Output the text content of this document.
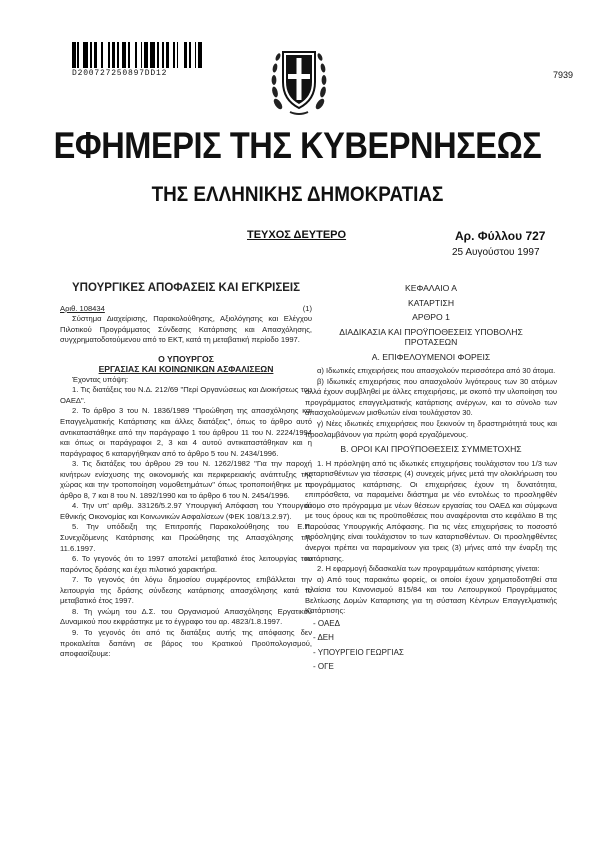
D200727250897DD12	7939
ΕΦΗΜΕΡΙΣ ΤΗΣ ΚΥΒΕΡΝΗΣΕΩΣ
ΤΗΣ ΕΛΛΗΝΙΚΗΣ ΔΗΜΟΚΡΑΤΙΑΣ
ΤΕΥΧΟΣ ΔΕΥΤΕΡΟ	Αρ. Φύλλου 727
25 Αυγούστου 1997
ΥΠΟΥΡΓΙΚΕΣ ΑΠΟΦΑΣΕΙΣ ΚΑΙ ΕΓΚΡΙΣΕΙΣ
Αριθ. 108434	(1)

Σύστημα Διαχείρισης, Παρακολούθησης, Αξιολόγησης και Ελέγχου Πιλοτικού Προγράμματος Σύνδεσης Κατάρτισης και Απασχόλησης, συγχρηματοδοτούμενου από το ΕΚΤ, κατά τη μεταβατική περίοδο 1997.

Ο ΥΠΟΥΡΓΟΣ

ΕΡΓΑΣΙΑΣ ΚΑΙ ΚΟΙΝΩΝΙΚΩΝ ΑΣΦΑΛΙΣΕΩΝ

Έχοντας υπόψη:

1. Τις διατάξεις του Ν.Δ. 212/69 "Περί Οργανώσεως και Διοικήσεως του ΟΑΕΔ".

2. Το άρθρο 3 του Ν. 1836/1989 "Προώθηση της απασχόλησης και Επαγγελματικής Κατάρτισης και άλλες διατάξεις", όπως το άρθρο αυτό αντικαταστάθηκε από την παράγραφο 1 του άρθρου 11 του Ν. 2224/1994 και όπως οι παράγραφοι 2, 3 και 4 αυτού αντικαταστάθηκαν και η παράγραφος 6 καταργήθηκαν από το άρθρο 5 του Ν. 2434/1996.

3. Τις διατάξεις του άρθρου 29 του Ν. 1262/1982 "Για την παροχή κινήτρων ενίσχυσης της οικονομικής και περιφερειακής ανάπτυξης της χώρας και την τροποποίηση νομοθετημάτων" όπως τροποποιήθηκε με το άρθρο 8, 7 και 8 του Ν. 1892/1990 και το άρθρο 6 του Ν. 2454/1996.

4. Την υπ' αριθμ. 33126/5.2.97 Υπουργική Απόφαση του Υπουργού Εθνικής Οικονομίας και Κοινωνικών Ασφαλίσεων (ΦΕΚ 108/13.2.97).

5. Την υπόδειξη της Επιτροπής Παρακολούθησης του Ε.Π. Συνεχιζόμενης Κατάρτισης και Προώθησης της Απασχόλησης της 11.6.1997.

6. Το γεγονός ότι το 1997 αποτελεί μεταβατικό έτος λειτουργίας του παρόντος δράσης και έχει πιλοτικό χαρακτήρα.

7. Το γεγονός ότι λόγω δημοσίου συμφέροντος επιβάλλεται την λειτουργία της δράσης σύνδεσης κατάρτισης απασχόλησης κατά το μεταβατικό έτος 1997.

8. Τη γνώμη του Δ.Σ. του Οργανισμού Απασχόλησης Εργατικού Δυναμικού που εκφράστηκε με το έγγραφο του αρ. 4823/1.8.1997.

9. Το γεγονός ότι από τις διατάξεις αυτής της απόφασης δεν προκαλείται δαπάνη σε βάρος του Κρατικού Προϋπολογισμού, αποφασίζουμε:

ΚΕΦΑΛΑΙΟ Α

ΚΑΤΑΡΤΙΣΗ

ΑΡΘΡΟ 1

ΔΙΑΔΙΚΑΣΙΑ ΚΑΙ ΠΡΟΫΠΟΘΕΣΕΙΣ ΥΠΟΒΟΛΗΣ

ΠΡΟΤΑΣΕΩΝ

Α. ΕΠΙΦΕΛΟΥΜΕΝΟΙ ΦΟΡΕΙΣ

α) Ιδιωτικές επιχειρήσεις που απασχολούν περισσότερα από 30 άτομα.

β) Ιδιωτικές επιχειρήσεις που απασχολούν λιγότερους των 30 ατόμων αλλά έχουν συμβληθεί με άλλες επιχειρήσεις, με σκοπό την υλοποίηση του προγράμματος επαγγελματικής κατάρτισης ανέργων, και το σύνολο των απασχολούμενων μισθωτών είναι τουλάχιστον 30.

γ) Νέες ιδιωτικές επιχειρήσεις που ξεκινούν τη δραστηριότητά τους και προσλαμβάνουν για πρώτη φορά εργαζόμενους.

Β. ΟΡΟΙ ΚΑΙ ΠΡΟΫΠΟΘΕΣΕΙΣ ΣΥΜΜΕΤΟΧΗΣ

1. Η πρόσληψη από τις ιδιωτικές επιχειρήσεις τουλάχιστον του 1/3 των καταρτισθέντων για τέσσερις (4) συνεχείς μήνες μετά την ολοκλήρωση του προγράμματος κατάρτισης. Οι επιχειρήσεις έχουν τη δυνατότητα, επιπρόσθετα, να παραμείνει διάστημα με νέο εντολέως το προσληφθέν άτομο στο πρόγραμμα με νέων θέσεων εργασίας του ΟΑΕΔ και σύμφωνα με τους όρους και τις προϋποθέσεις που αναφέρονται στο κεφάλαιο Β της παρούσας Υπουργικής Απόφασης. Για τις νέες επιχειρήσεις το ποσοστό πρόσληψης είναι τουλάχιστον το των καταρτισθέντων. Οι προσληφθέντες άνεργοι πρέπει να παραμείνουν για τρεις (3) μήνες από την έναρξη της κατάρτισης.

2. Η εφαρμογή διδασκαλία των προγραμμάτων κατάρτισης γίνεται:

α) Από τους παρακάτω φορείς, οι οποίοι έχουν χρηματοδοτηθεί στα πλαίσια του Κανονισμού 815/84 και του Λειτουργικού Προγράμματος Βελτίωσης Δομών Καταρτισης για τη σύσταση Κέντρων Επαγγελματικής Κατάρτισης:

- ΟΑΕΔ
- ΔΕΗ
- ΥΠΟΥΡΓΕΙΟ ΓΕΩΡΓΙΑΣ
- ΟΓΕ
